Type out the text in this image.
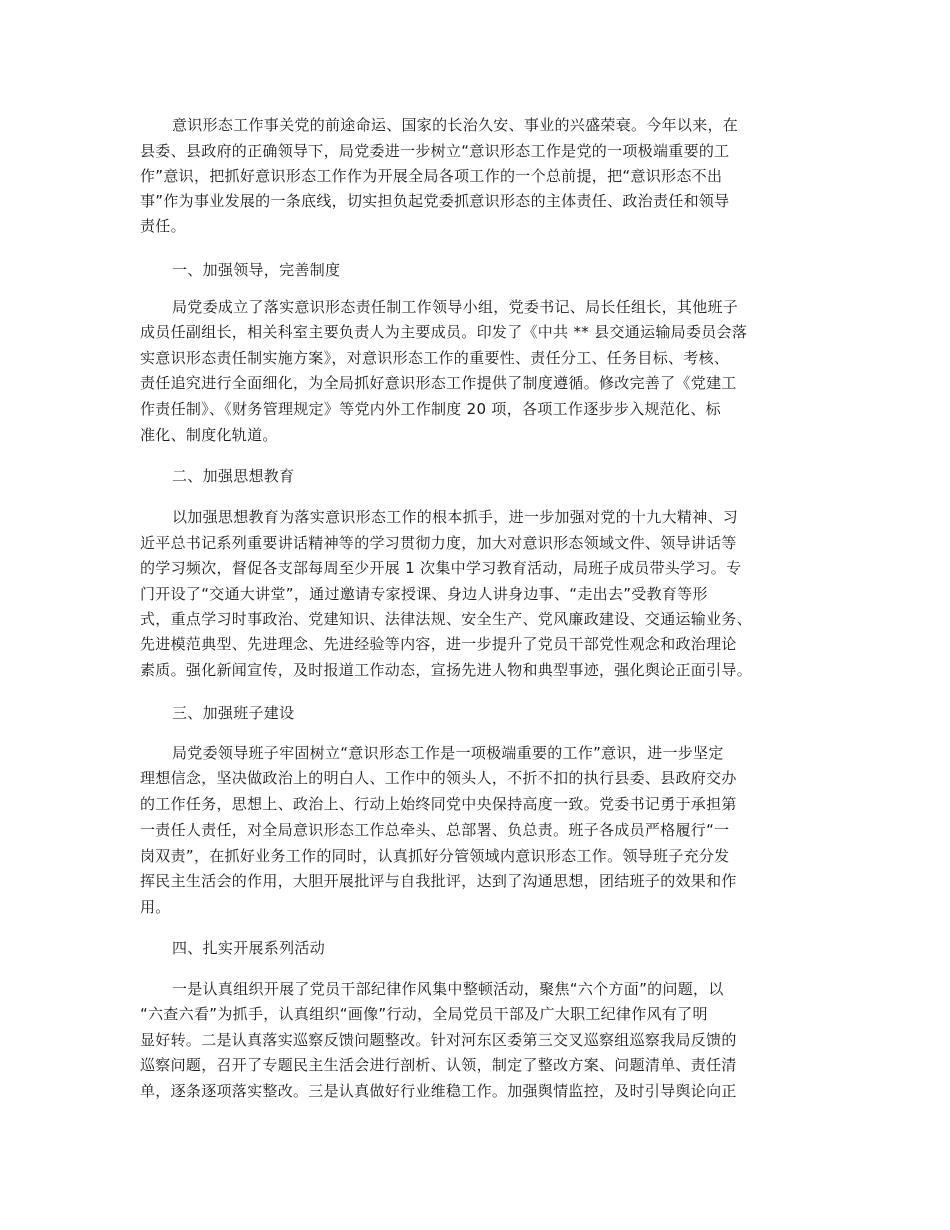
意识形态工作事关党的前途命运、国家的长治久安、事业的兴盛荣衰。今年以来，在
县委、县政府的正确领导下，局党委进一步树立“意识形态工作是党的一项极端重要的工
作”意识，把抓好意识形态工作作为开展全局各项工作的一个总前提，把“意识形态不出
事”作为事业发展的一条底线，切实担负起党委抓意识形态的主体责任、政治责任和领导
责任。
一、加强领导，完善制度
局党委成立了落实意识形态责任制工作领导小组，党委书记、局长任组长，其他班子
成员任副组长，相关科室主要负责人为主要成员。印发了《中共 ** 县交通运输局委员会落
实意识形态责任制实施方案》，对意识形态工作的重要性、责任分工、任务目标、考核、
责任追究进行全面细化，为全局抓好意识形态工作提供了制度遵循。修改完善了《党建工
作责任制》、《财务管理规定》等党内外工作制度 20 项，各项工作逐步步入规范化、标
准化、制度化轨道。
二、加强思想教育
以加强思想教育为落实意识形态工作的根本抓手，进一步加强对党的十九大精神、习
近平总书记系列重要讲话精神等的学习贯彻力度，加大对意识形态领域文件、领导讲话等
的学习频次，督促各支部每周至少开展 1 次集中学习教育活动，局班子成员带头学习。专
门开设了“交通大讲堂”，通过邀请专家授课、身边人讲身边事、“走出去”受教育等形
式，重点学习时事政治、党建知识、法律法规、安全生产、党风廉政建设、交通运输业务、
先进模范典型、先进理念、先进经验等内容，进一步提升了党员干部党性观念和政治理论
素质。强化新闻宣传，及时报道工作动态，宣扬先进人物和典型事迹，强化舆论正面引导。
三、加强班子建设
局党委领导班子牢固树立“意识形态工作是一项极端重要的工作”意识，进一步坚定
理想信念，坚决做政治上的明白人、工作中的领头人，不折不扣的执行县委、县政府交办
的工作任务，思想上、政治上、行动上始终同党中央保持高度一致。党委书记勇于承担第
一责任人责任，对全局意识形态工作总牵头、总部署、负总责。班子各成员严格履行“一
岗双责”，在抓好业务工作的同时，认真抓好分管领域内意识形态工作。领导班子充分发
挥民主生活会的作用，大胆开展批评与自我批评，达到了沟通思想，团结班子的效果和作
用。
四、扎实开展系列活动
一是认真组织开展了党员干部纪律作风集中整顿活动，聚焦“六个方面”的问题，以
“六查六看”为抓手，认真组织“画像”行动，全局党员干部及广大职工纪律作风有了明
显好转。二是认真落实巡察反馈问题整改。针对河东区委第三交叉巡察组巡察我局反馈的
巡察问题，召开了专题民主生活会进行剖析、认领，制定了整改方案、问题清单、责任清
单，逐条逐项落实整改。三是认真做好行业维稳工作。加强舆情监控，及时引导舆论向正
